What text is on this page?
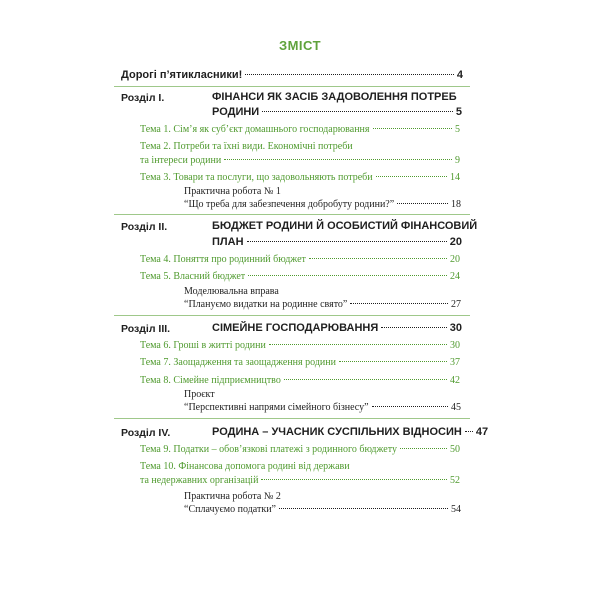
ЗМІСТ
Дорогі п’ятикласники!	4
Розділ І.	ФІНАНСИ ЯК ЗАСІБ ЗАДОВОЛЕННЯ ПОТРЕБ
РОДИНИ	5
Тема 1. Сім’я як суб’єкт домашнього господарювання	5
Тема 2. Потреби та їхні види. Економічні потреби
та інтереси родини	9
Тема 3. Товари та послуги, що задовольняють потреби	14
Практична робота № 1
“Що треба для забезпечення добробуту родини?”	18
Розділ ІІ.	БЮДЖЕТ РОДИНИ Й ОСОБИСТИЙ ФІНАНСОВИЙ
ПЛАН	20
Тема 4. Поняття про родинний бюджет	20
Тема 5. Власний бюджет	24
Моделювальна вправа
“Плануємо видатки на родинне свято”	27
Розділ ІІІ.	СІМЕЙНЕ ГОСПОДАРЮВАННЯ	30
Тема 6. Гроші в житті родини	30
Тема 7. Заощадження та заощадження родини	37
Тема 8. Сімейне підприємництво	42
Проєкт
“Перспективні напрями сімейного бізнесу”	45
Розділ IV.	РОДИНА – УЧАСНИК СУСПІЛЬНИХ ВІДНОСИН 47
Тема 9. Податки – обов’язкові платежі з родинного бюджету	50
Тема 10. Фінансова допомога родині від держави
та недержавних організацій	52
Практична робота № 2
“Сплачуємо податки”	54
